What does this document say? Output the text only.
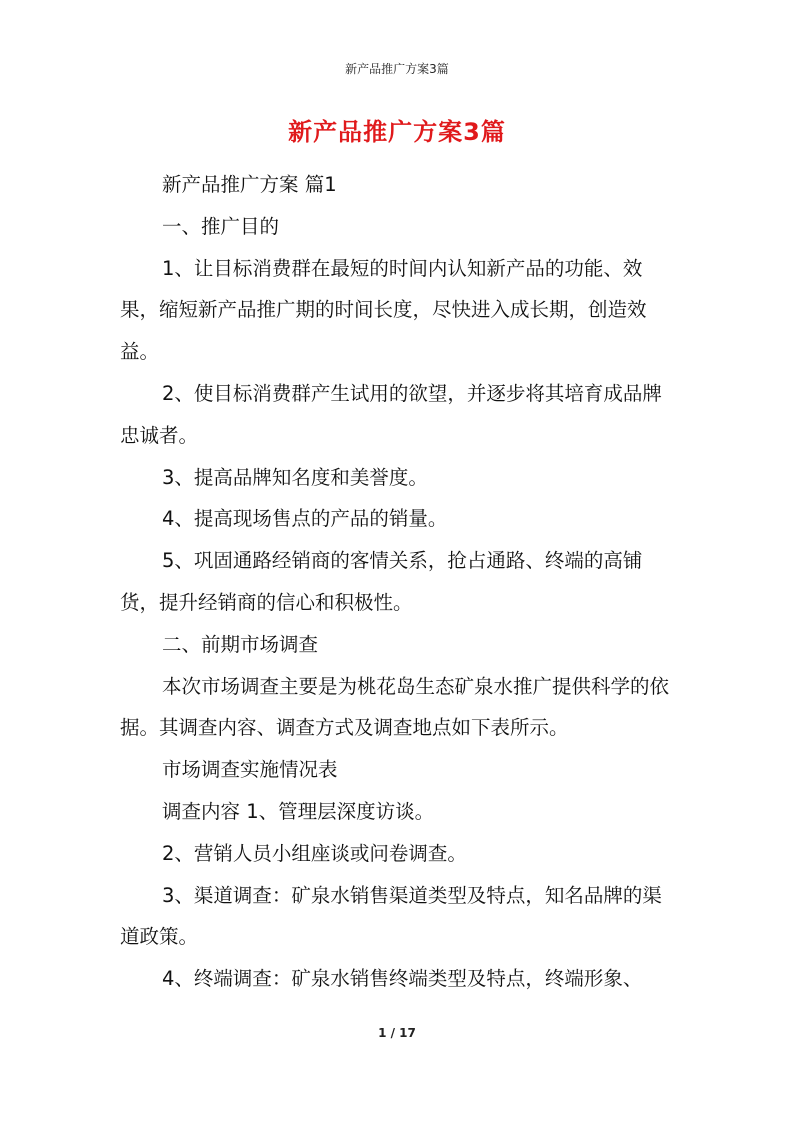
新产品推广方案3篇
新产品推广方案3篇

新产品推广方案 篇1

一、推广目的

1、让目标消费群在最短的时间内认知新产品的功能、效果，缩短新产品推广期的时间长度，尽快进入成长期，创造效益。

2、使目标消费群产生试用的欲望，并逐步将其培育成品牌忠诚者。

3、提高品牌知名度和美誉度。

4、提高现场售点的产品的销量。

5、巩固通路经销商的客情关系，抢占通路、终端的高铺货，提升经销商的信心和积极性。

二、前期市场调查

本次市场调查主要是为桃花岛生态矿泉水推广提供科学的依据。其调查内容、调查方式及调查地点如下表所示。

市场调查实施情况表

调查内容 1、管理层深度访谈。

2、营销人员小组座谈或问卷调查。

3、渠道调查：矿泉水销售渠道类型及特点，知名品牌的渠道政策。

4、终端调查：矿泉水销售终端类型及特点，终端形象、

1 / 17
